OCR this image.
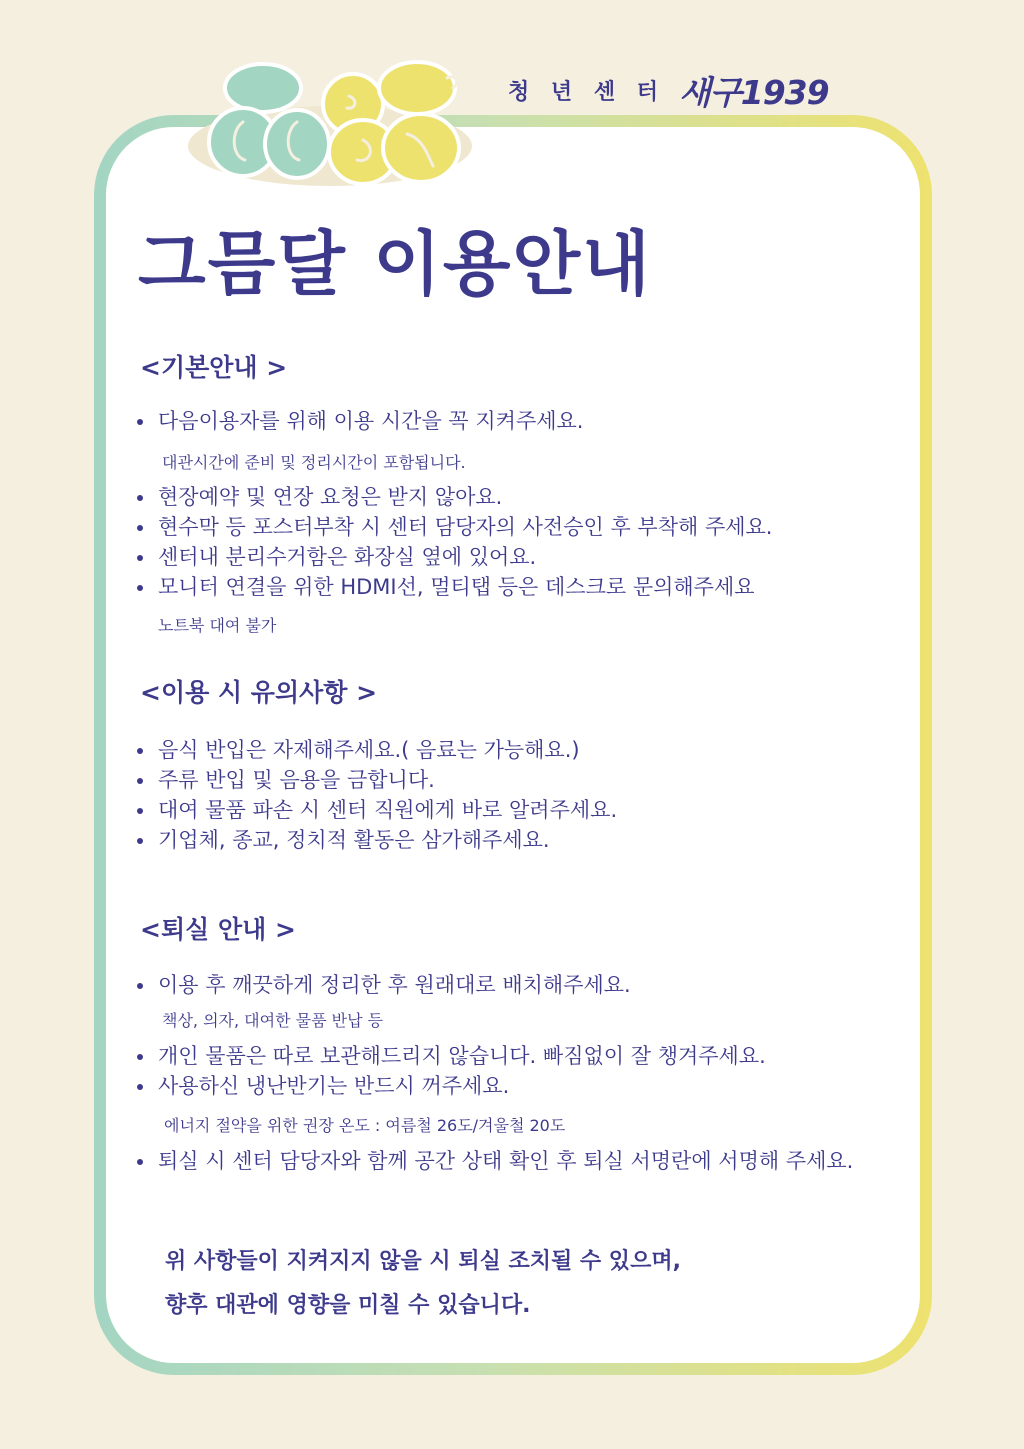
청 년 센 터 새구1939
그믐달 이용안내
<기본안내 >
다음이용자를 위해 이용 시간을 꼭 지켜주세요.
대관시간에 준비 및 정리시간이 포함됩니다.
현장예약 및 연장 요청은 받지 않아요.
현수막 등 포스터부착 시 센터 담당자의 사전승인 후 부착해 주세요.
센터내 분리수거함은 화장실 옆에 있어요.
모니터 연결을 위한 HDMI선, 멀티탭 등은 데스크로 문의해주세요
노트북 대여 불가
<이용 시 유의사항 >
음식 반입은 자제해주세요.( 음료는 가능해요.)
주류 반입 및 음용을 금합니다.
대여 물품 파손 시 센터 직원에게 바로 알려주세요.
기업체, 종교, 정치적 활동은 삼가해주세요.
<퇴실 안내 >
이용 후 깨끗하게 정리한 후 원래대로 배치해주세요.
책상, 의자, 대여한 물품 반납 등
개인 물품은 따로 보관해드리지 않습니다. 빠짐없이 잘 챙겨주세요.
사용하신 냉난반기는 반드시 꺼주세요.
에너지 절약을 위한 권장 온도 : 여름철 26도/겨울철 20도
퇴실 시 센터 담당자와 함께 공간 상태 확인 후 퇴실 서명란에 서명해 주세요.

위 사항들이 지켜지지 않을 시 퇴실 조치될 수 있으며,
향후 대관에 영향을 미칠 수 있습니다.
